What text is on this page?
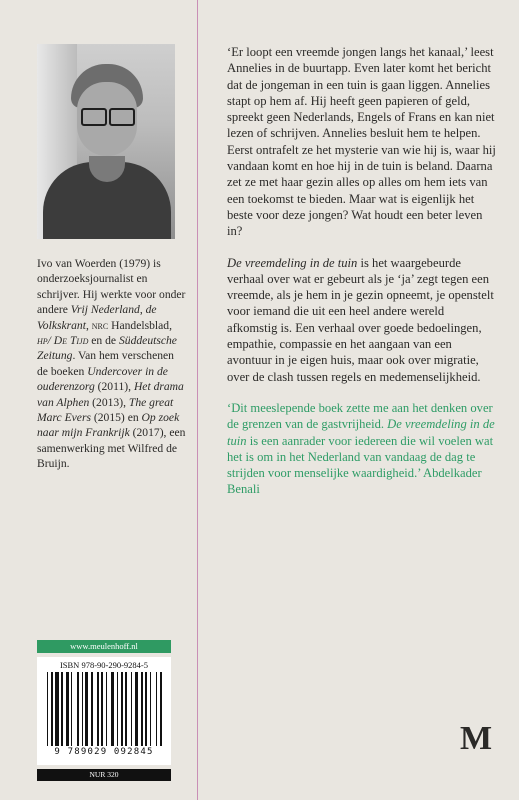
Ivo van Woerden (1979) is onderzoeksjournalist en schrijver. Hij werkte voor onder andere Vrij Nederland, de Volkskrant, nrc Handelsblad, hp/ De Tijd en de Süddeutsche Zeitung. Van hem verschenen de boeken Undercover in de ouderenzorg (2011), Het drama van Alphen (2013), The great Marc Evers (2015) en Op zoek naar mijn Frankrijk (2017), een samenwerking met Wilfred de Bruijn.

‘Er loopt een vreemde jongen langs het kanaal,’ leest Annelies in de buurtapp. Even later komt het bericht dat de jongeman in een tuin is gaan liggen. Annelies stapt op hem af. Hij heeft geen papieren of geld, spreekt geen Nederlands, Engels of Frans en kan niet lezen of schrijven. Annelies besluit hem te helpen. Eerst ontrafelt ze het mysterie van wie hij is, waar hij vandaan komt en hoe hij in de tuin is beland. Daarna zet ze met haar gezin alles op alles om hem iets van een toekomst te bieden. Maar wat is eigenlijk het beste voor deze jongen? Wat houdt een beter leven in?

De vreemdeling in de tuin is het waargebeurde verhaal over wat er gebeurt als je ‘ja’ zegt tegen een vreemde, als je hem in je gezin opneemt, je openstelt voor iemand die uit een heel andere wereld afkomstig is. Een verhaal over goede bedoelingen, empathie, compassie en het aangaan van een avontuur in je eigen huis, maar ook over migratie, over de clash tussen regels en medemenselijkheid.

‘Dit meeslepende boek zette me aan het denken over de grenzen van de gastvrijheid. De vreemdeling in de tuin is een aanrader voor iedereen die wil voelen wat het is om in het Nederland van vandaag de dag te strijden voor menselijke waardigheid.’ Abdelkader Benali

www.meulenhoff.nl
ISBN 978-90-290-9284-5
9 789029 092845
NUR 320
M
